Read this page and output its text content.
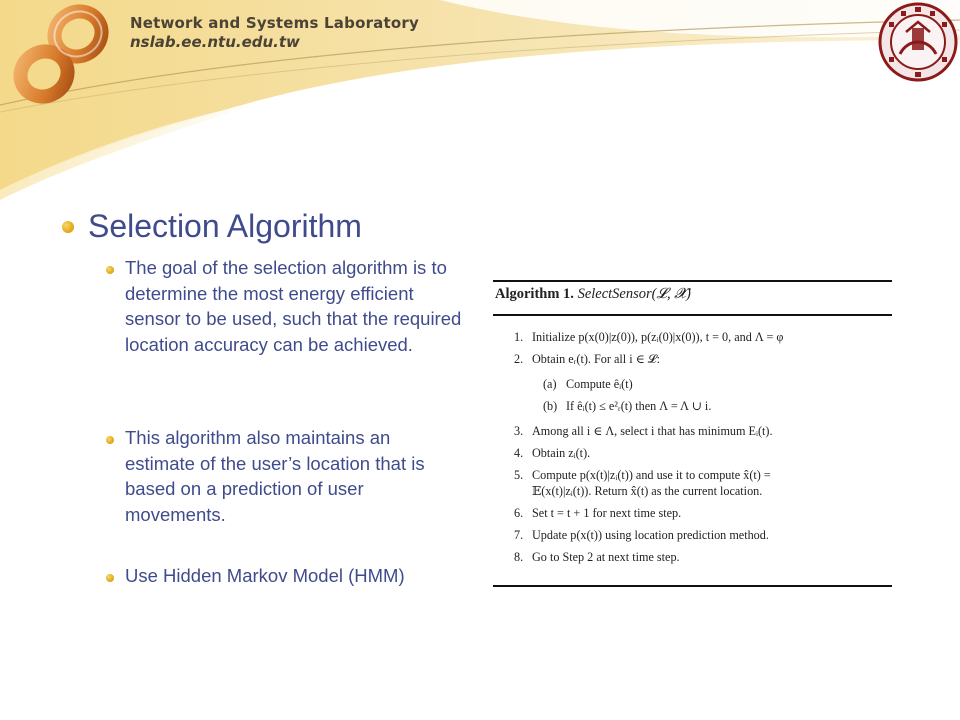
Network and Systems Laboratory
nslab.ee.ntu.edu.tw
Selection Algorithm
The goal of the selection algorithm is to determine the most energy efficient sensor to be used, such that the required location accuracy can be achieved.
This algorithm also maintains an estimate of the user’s location that is based on a prediction of user movements.
Use Hidden Markov Model (HMM)
Algorithm 1. SelectSensor(𝓛, 𝓧)
1. Initialize p(x(0)|z(0)), p(zᵢ(0)|x(0)), t = 0, and Λ = φ
2. Obtain eᵣ(t). For all i ∈ 𝓛:
(a) Compute êᵢ(t)
(b) If êᵢ(t) ≤ e²ᵣ(t) then Λ = Λ ∪ i.
3. Among all i ∈ Λ, select i that has minimum Eᵢ(t).
4. Obtain zᵢ(t).
5. Compute p(x(t)|zᵢ(t)) and use it to compute x̂(t) =
𝔼(x(t)|zᵢ(t)). Return x̂(t) as the current location.
6. Set t = t + 1 for next time step.
7. Update p(x(t)) using location prediction method.
8. Go to Step 2 at next time step.
